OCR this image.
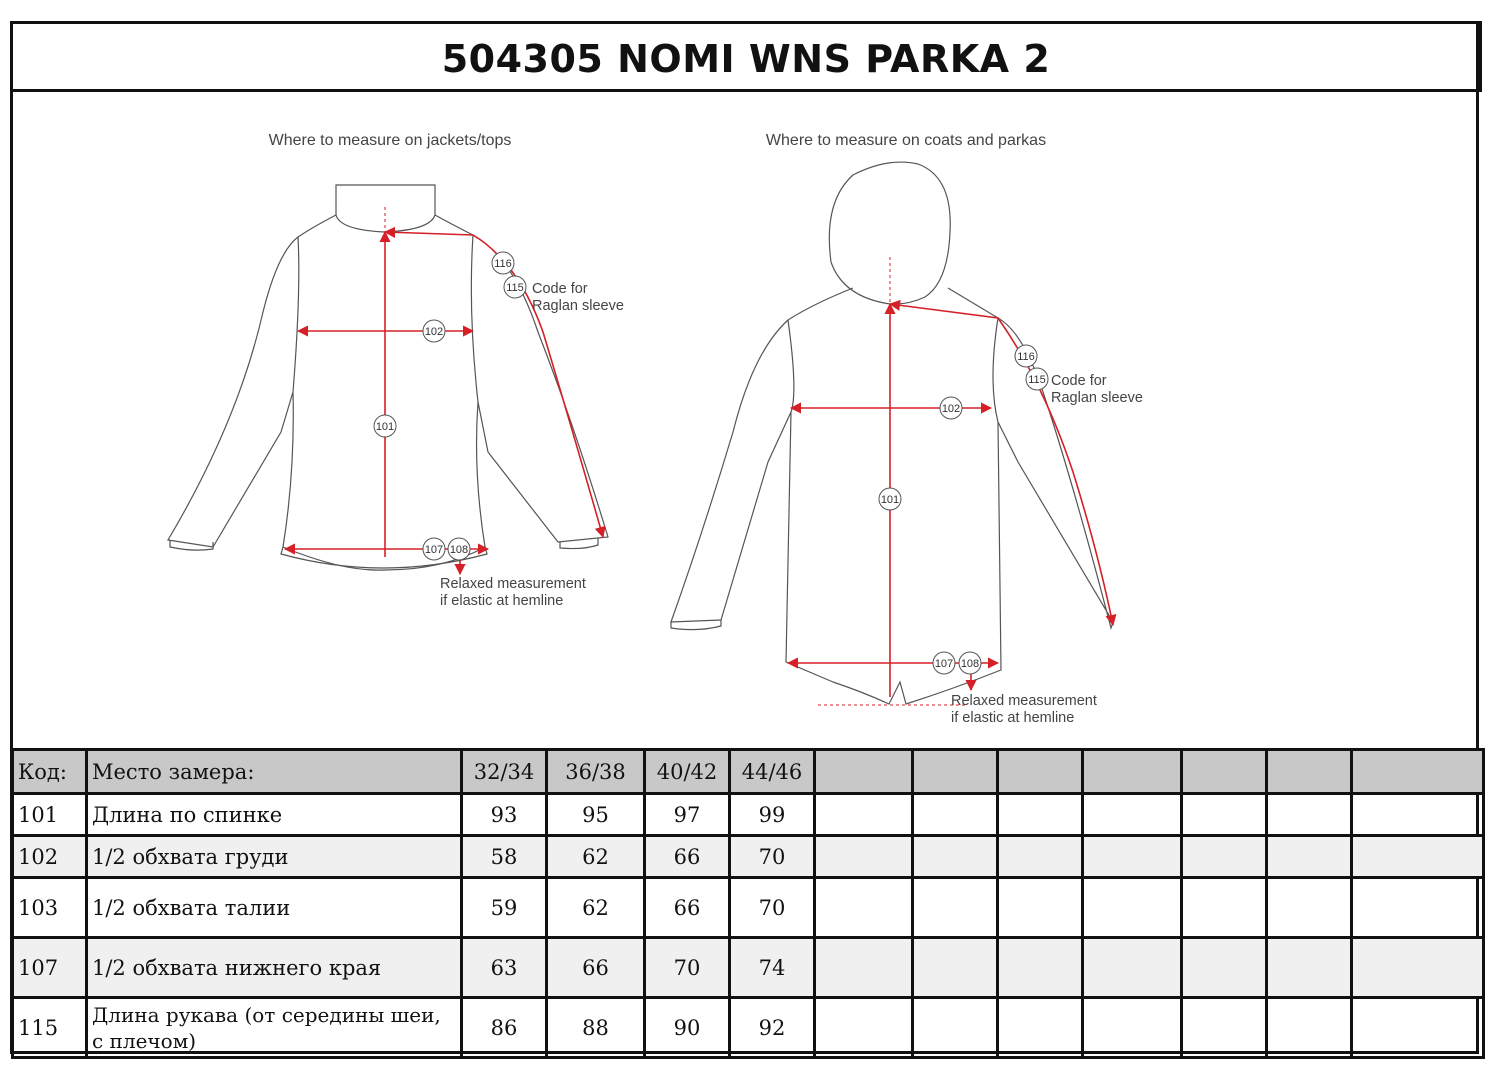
504305 NOMI WNS PARKA 2
Where to measure on jackets/tops
116
115
102
101
107 108
Code for
Raglan sleeve
Relaxed measurement
if elastic at hemline
Where to measure on coats and parkas
116
115
102
101
107 108
Code for
Raglan sleeve
Relaxed measurement
if elastic at hemline
Код:	Место замера:	32/34	36/38	40/42	44/46							
101	Длина по спинке	93	95	97	99							
102	1/2 обхвата груди	58	62	66	70							
103	1/2 обхвата талии	59	62	66	70							
107	1/2 обхвата нижнего края	63	66	70	74							
115	Длина рукава (от середины шеи, с плечом)	86	88	90	92							
